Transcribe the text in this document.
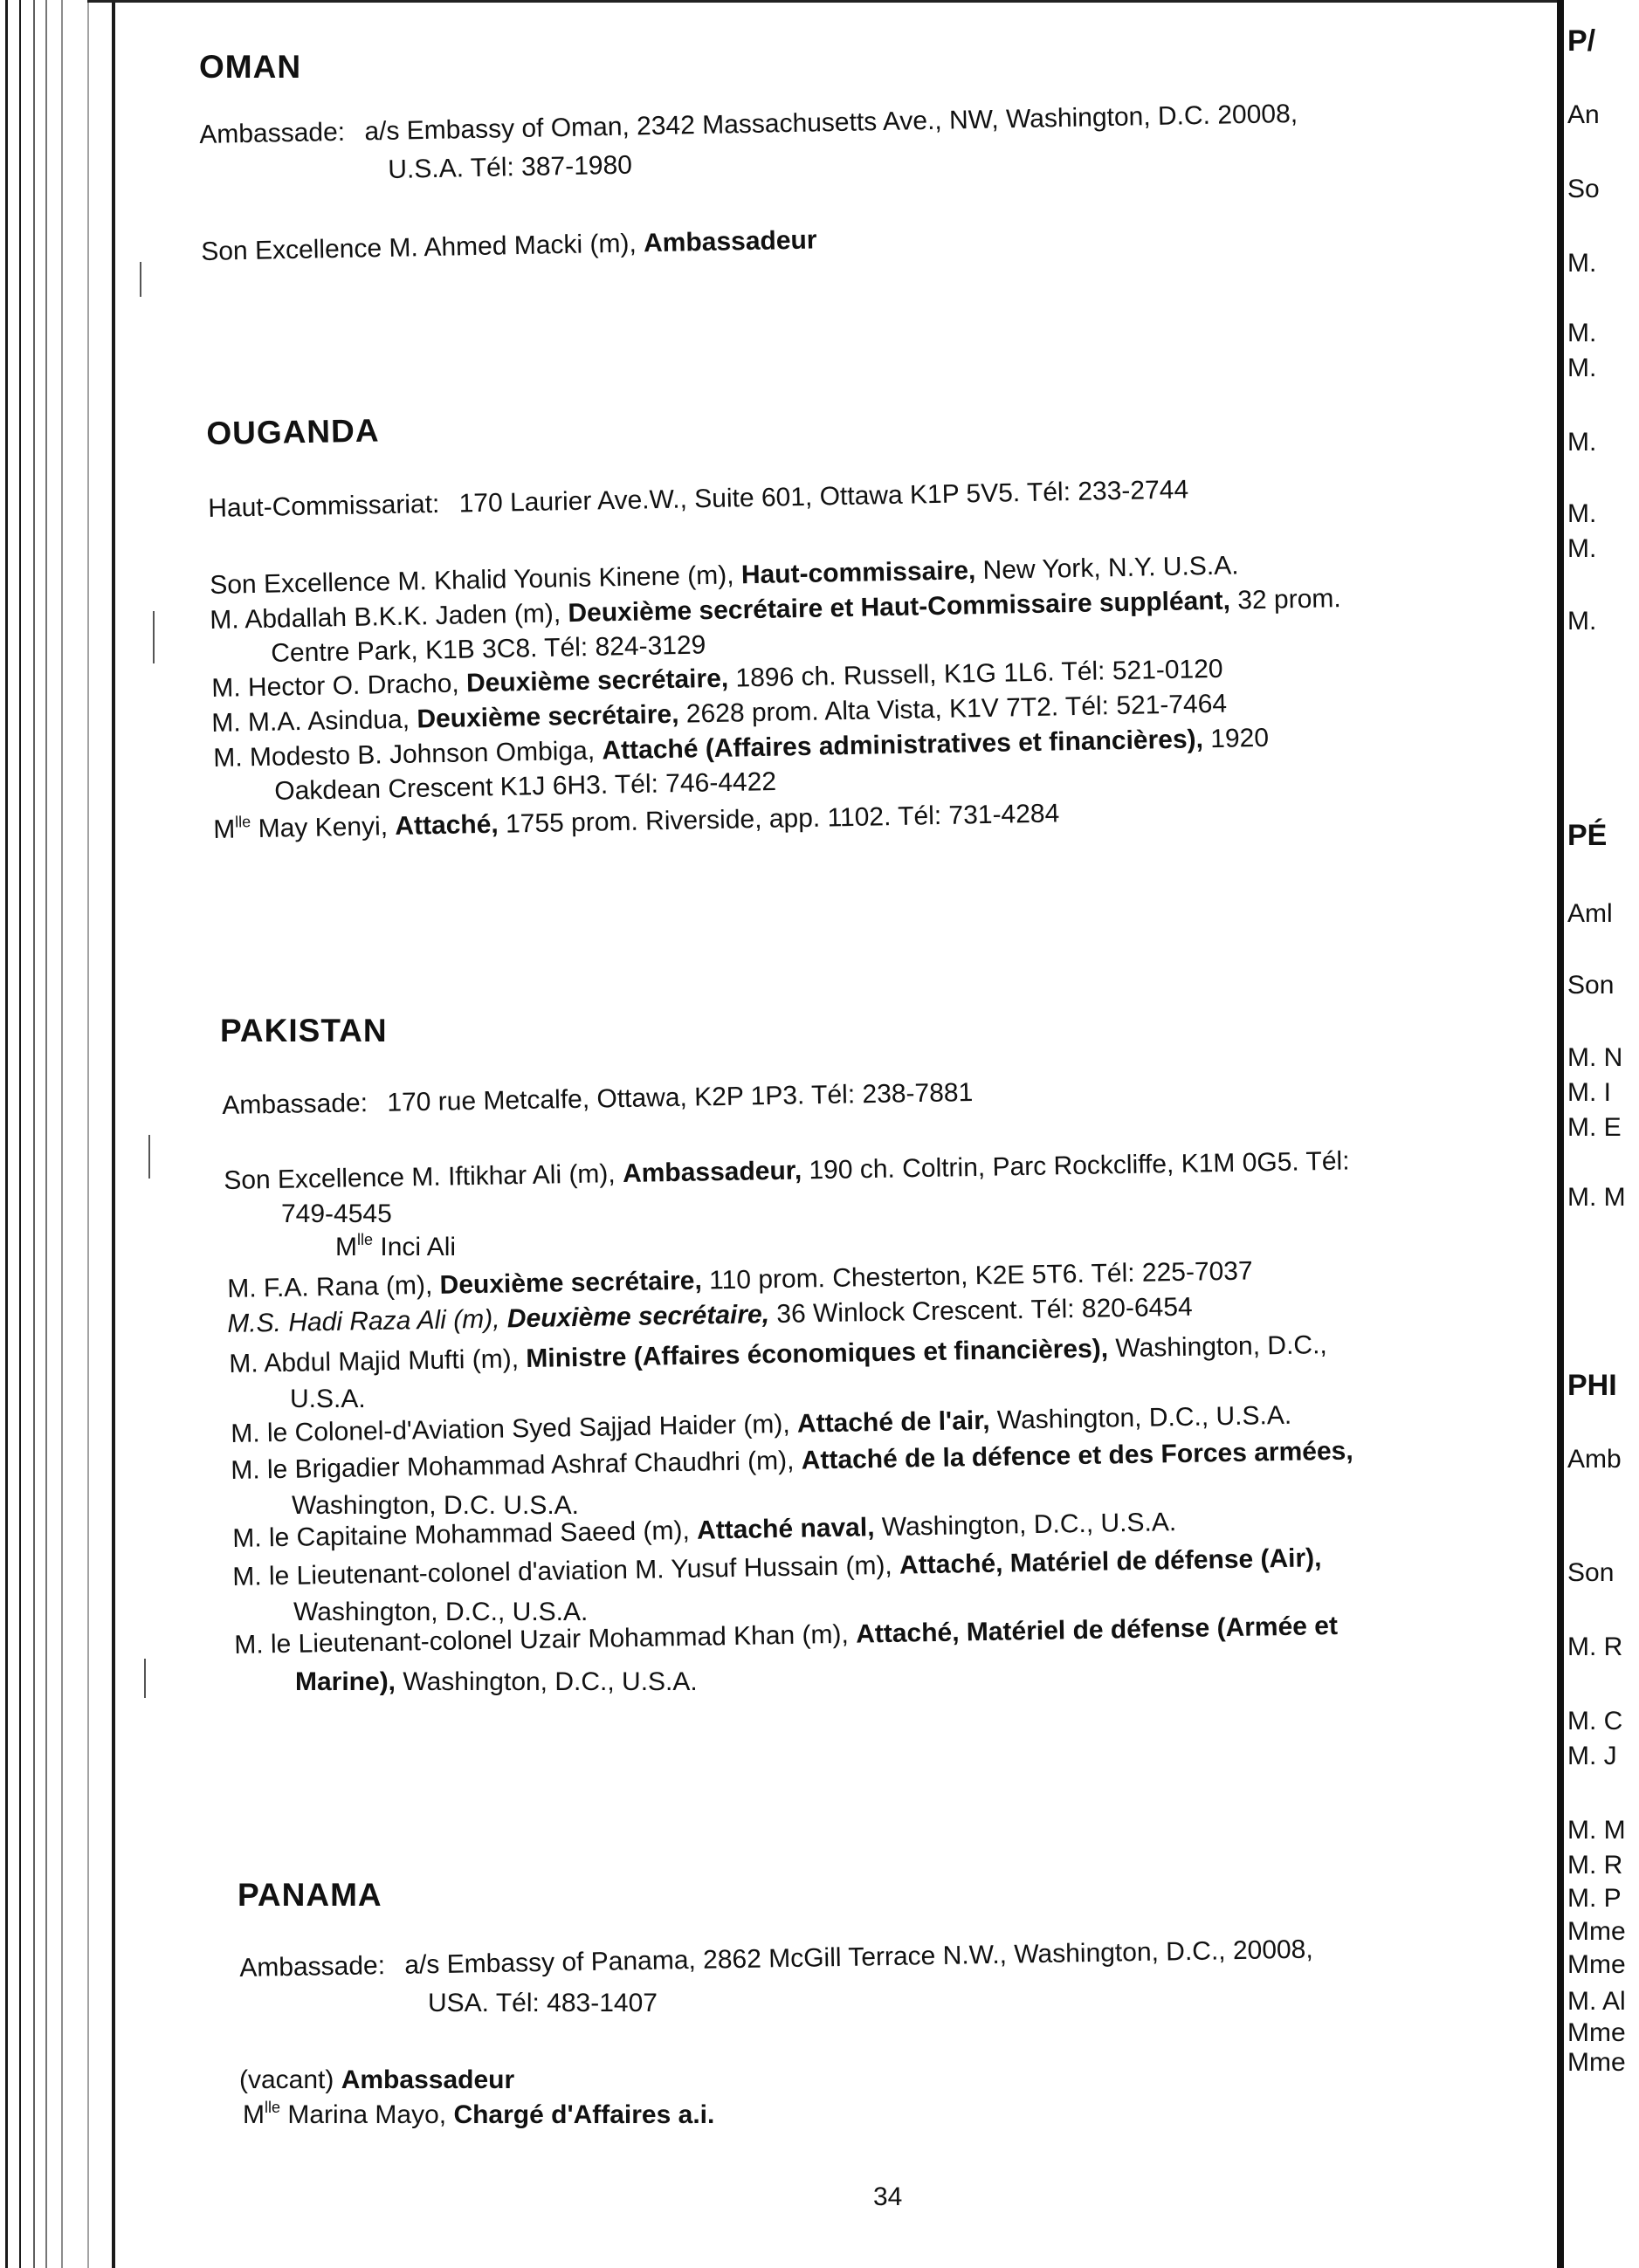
OMAN
Ambassade: a/s Embassy of Oman, 2342 Massachusetts Ave., NW, Washington, D.C. 20008,
U.S.A. Tél: 387-1980
Son Excellence M. Ahmed Macki (m), Ambassadeur
OUGANDA
Haut-Commissariat: 170 Laurier Ave.W., Suite 601, Ottawa K1P 5V5. Tél: 233-2744
Son Excellence M. Khalid Younis Kinene (m), Haut-commissaire, New York, N.Y. U.S.A.
M. Abdallah B.K.K. Jaden (m), Deuxième secrétaire et Haut-Commissaire suppléant, 32 prom.
Centre Park, K1B 3C8. Tél: 824-3129
M. Hector O. Dracho, Deuxième secrétaire, 1896 ch. Russell, K1G 1L6. Tél: 521-0120
M. M.A. Asindua, Deuxième secrétaire, 2628 prom. Alta Vista, K1V 7T2. Tél: 521-7464
M. Modesto B. Johnson Ombiga, Attaché (Affaires administratives et financières), 1920
Oakdean Crescent K1J 6H3. Tél: 746-4422
$M^{lle}$ May Kenyi, Attaché, 1755 prom. Riverside, app. 1102. Tél: 731-4284
PAKISTAN
Ambassade: 170 rue Metcalfe, Ottawa, K2P 1P3. Tél: 238-7881
Son Excellence M. Iftikhar Ali (m), Ambassadeur, 190 ch. Coltrin, Parc Rockcliffe, K1M 0G5. Tél:
749-4545
$M^{lle}$ Inci Ali
M. F.A. Rana (m), Deuxième secrétaire, 110 prom. Chesterton, K2E 5T6. Tél: 225-7037
M.S. Hadi Raza Ali (m), Deuxième secrétaire, 36 Winlock Crescent. Tél: 820-6454
M. Abdul Majid Mufti (m), Ministre (Affaires économiques et financières), Washington, D.C.,
U.S.A.
M. le Colonel-d'Aviation Syed Sajjad Haider (m), Attaché de l'air, Washington, D.C., U.S.A.
M. le Brigadier Mohammad Ashraf Chaudhri (m), Attaché de la défence et des Forces armées,
Washington, D.C. U.S.A.
M. le Capitaine Mohammad Saeed (m), Attaché naval, Washington, D.C., U.S.A.
M. le Lieutenant-colonel d'aviation M. Yusuf Hussain (m), Attaché, Matériel de défense (Air),
Washington, D.C., U.S.A.
M. le Lieutenant-colonel Uzair Mohammad Khan (m), Attaché, Matériel de défense (Armée et
Marine), Washington, D.C., U.S.A.
PANAMA
Ambassade: a/s Embassy of Panama, 2862 McGill Terrace N.W., Washington, D.C., 20008,
USA. Tél: 483-1407
(vacant) Ambassadeur
$M^{lle}$ Marina Mayo, Chargé d'Affaires a.i.
34
P/
An
So
M.
M.
M.
M.
M.
M.
M.
PÉ
Aml
Son
M. N
M. I
M. E
M. M
PHI
Amb
Son
M. R
M. C
M. J
M. M
M. R
M. P
Mme
Mme
M. Al
Mme
Mme
